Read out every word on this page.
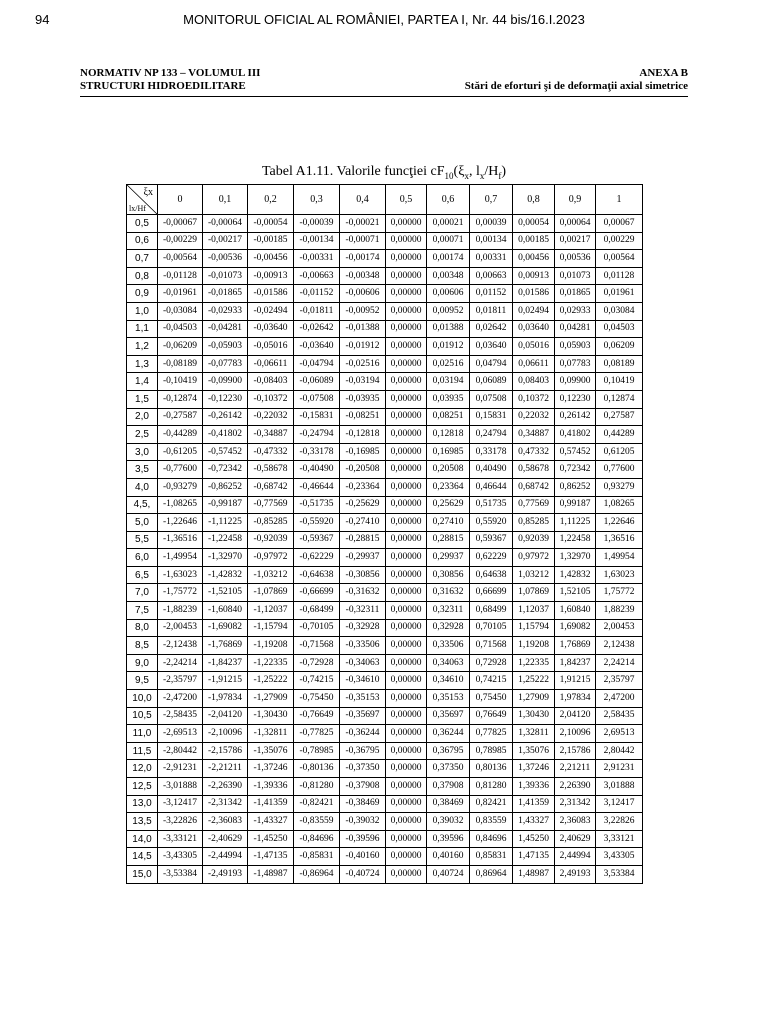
94	MONITORUL OFICIAL AL ROMÂNIEI, PARTEA I, Nr. 44 bis/16.I.2023
NORMATIV NP 133 – VOLUMUL III
STRUCTURI HIDROEDILITARE
ANEXA B
Stări de eforturi şi de deformaţii axial simetrice
Tabel A1.11. Valorile funcţiei $cF_{10}(\xi_x$, $l_x/H_f$)
ξx
lx/Hf	0	0,1	0,2	0,3	0,4	0,5	0,6	0,7	0,8	0,9	1
0,5	-0,00067	-0,00064	-0,00054	-0,00039	-0,00021	0,00000	0,00021	0,00039	0,00054	0,00064	0,00067
0,6	-0,00229	-0,00217	-0,00185	-0,00134	-0,00071	0,00000	0,00071	0,00134	0,00185	0,00217	0,00229
0,7	-0,00564	-0,00536	-0,00456	-0,00331	-0,00174	0,00000	0,00174	0,00331	0,00456	0,00536	0,00564
0,8	-0,01128	-0,01073	-0,00913	-0,00663	-0,00348	0,00000	0,00348	0,00663	0,00913	0,01073	0,01128
0,9	-0,01961	-0,01865	-0,01586	-0,01152	-0,00606	0,00000	0,00606	0,01152	0,01586	0,01865	0,01961
1,0	-0,03084	-0,02933	-0,02494	-0,01811	-0,00952	0,00000	0,00952	0,01811	0,02494	0,02933	0,03084
1,1	-0,04503	-0,04281	-0,03640	-0,02642	-0,01388	0,00000	0,01388	0,02642	0,03640	0,04281	0,04503
1,2	-0,06209	-0,05903	-0,05016	-0,03640	-0,01912	0,00000	0,01912	0,03640	0,05016	0,05903	0,06209
1,3	-0,08189	-0,07783	-0,06611	-0,04794	-0,02516	0,00000	0,02516	0,04794	0,06611	0,07783	0,08189
1,4	-0,10419	-0,09900	-0,08403	-0,06089	-0,03194	0,00000	0,03194	0,06089	0,08403	0,09900	0,10419
1,5	-0,12874	-0,12230	-0,10372	-0,07508	-0,03935	0,00000	0,03935	0,07508	0,10372	0,12230	0,12874
2,0	-0,27587	-0,26142	-0,22032	-0,15831	-0,08251	0,00000	0,08251	0,15831	0,22032	0,26142	0,27587
2,5	-0,44289	-0,41802	-0,34887	-0,24794	-0,12818	0,00000	0,12818	0,24794	0,34887	0,41802	0,44289
3,0	-0,61205	-0,57452	-0,47332	-0,33178	-0,16985	0,00000	0,16985	0,33178	0,47332	0,57452	0,61205
3,5	-0,77600	-0,72342	-0,58678	-0,40490	-0,20508	0,00000	0,20508	0,40490	0,58678	0,72342	0,77600
4,0	-0,93279	-0,86252	-0,68742	-0,46644	-0,23364	0,00000	0,23364	0,46644	0,68742	0,86252	0,93279
4,5,	-1,08265	-0,99187	-0,77569	-0,51735	-0,25629	0,00000	0,25629	0,51735	0,77569	0,99187	1,08265
5,0	-1,22646	-1,11225	-0,85285	-0,55920	-0,27410	0,00000	0,27410	0,55920	0,85285	1,11225	1,22646
5,5	-1,36516	-1,22458	-0,92039	-0,59367	-0,28815	0,00000	0,28815	0,59367	0,92039	1,22458	1,36516
6,0	-1,49954	-1,32970	-0,97972	-0,62229	-0,29937	0,00000	0,29937	0,62229	0,97972	1,32970	1,49954
6,5	-1,63023	-1,42832	-1,03212	-0,64638	-0,30856	0,00000	0,30856	0,64638	1,03212	1,42832	1,63023
7,0	-1,75772	-1,52105	-1,07869	-0,66699	-0,31632	0,00000	0,31632	0,66699	1,07869	1,52105	1,75772
7,5	-1,88239	-1,60840	-1,12037	-0,68499	-0,32311	0,00000	0,32311	0,68499	1,12037	1,60840	1,88239
8,0	-2,00453	-1,69082	-1,15794	-0,70105	-0,32928	0,00000	0,32928	0,70105	1,15794	1,69082	2,00453
8,5	-2,12438	-1,76869	-1,19208	-0,71568	-0,33506	0,00000	0,33506	0,71568	1,19208	1,76869	2,12438
9,0	-2,24214	-1,84237	-1,22335	-0,72928	-0,34063	0,00000	0,34063	0,72928	1,22335	1,84237	2,24214
9,5	-2,35797	-1,91215	-1,25222	-0,74215	-0,34610	0,00000	0,34610	0,74215	1,25222	1,91215	2,35797
10,0	-2,47200	-1,97834	-1,27909	-0,75450	-0,35153	0,00000	0,35153	0,75450	1,27909	1,97834	2,47200
10,5	-2,58435	-2,04120	-1,30430	-0,76649	-0,35697	0,00000	0,35697	0,76649	1,30430	2,04120	2,58435
11,0	-2,69513	-2,10096	-1,32811	-0,77825	-0,36244	0,00000	0,36244	0,77825	1,32811	2,10096	2,69513
11,5	-2,80442	-2,15786	-1,35076	-0,78985	-0,36795	0,00000	0,36795	0,78985	1,35076	2,15786	2,80442
12,0	-2,91231	-2,21211	-1,37246	-0,80136	-0,37350	0,00000	0,37350	0,80136	1,37246	2,21211	2,91231
12,5	-3,01888	-2,26390	-1,39336	-0,81280	-0,37908	0,00000	0,37908	0,81280	1,39336	2,26390	3,01888
13,0	-3,12417	-2,31342	-1,41359	-0,82421	-0,38469	0,00000	0,38469	0,82421	1,41359	2,31342	3,12417
13,5	-3,22826	-2,36083	-1,43327	-0,83559	-0,39032	0,00000	0,39032	0,83559	1,43327	2,36083	3,22826
14,0	-3,33121	-2,40629	-1,45250	-0,84696	-0,39596	0,00000	0,39596	0,84696	1,45250	2,40629	3,33121
14,5	-3,43305	-2,44994	-1,47135	-0,85831	-0,40160	0,00000	0,40160	0,85831	1,47135	2,44994	3,43305
15,0	-3,53384	-2,49193	-1,48987	-0,86964	-0,40724	0,00000	0,40724	0,86964	1,48987	2,49193	3,53384
